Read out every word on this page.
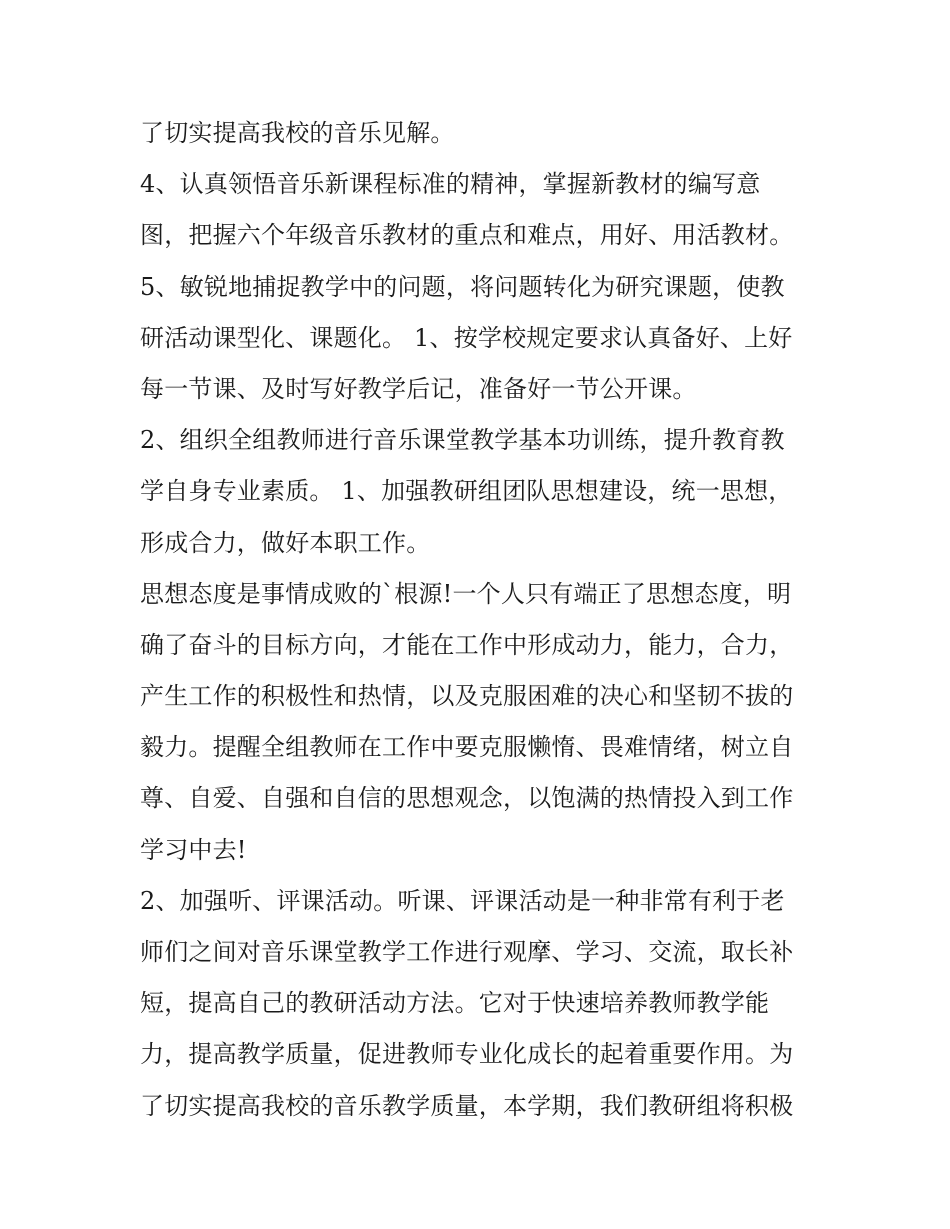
了切实提高我校的音乐见解。
4、认真领悟音乐新课程标准的精神，掌握新教材的编写意
图，把握六个年级音乐教材的重点和难点，用好、用活教材。
5、敏锐地捕捉教学中的问题，将问题转化为研究课题，使教
研活动课型化、课题化。 1、按学校规定要求认真备好、上好
每一节课、及时写好教学后记，准备好一节公开课。
2、组织全组教师进行音乐课堂教学基本功训练，提升教育教
学自身专业素质。 1、加强教研组团队思想建设，统一思想，
形成合力，做好本职工作。
思想态度是事情成败的`根源!一个人只有端正了思想态度，明
确了奋斗的目标方向，才能在工作中形成动力，能力，合力，
产生工作的积极性和热情，以及克服困难的决心和坚韧不拔的
毅力。提醒全组教师在工作中要克服懒惰、畏难情绪，树立自
尊、自爱、自强和自信的思想观念，以饱满的热情投入到工作
学习中去!
2、加强听、评课活动。听课、评课活动是一种非常有利于老
师们之间对音乐课堂教学工作进行观摩、学习、交流，取长补
短，提高自己的教研活动方法。它对于快速培养教师教学能
力，提高教学质量，促进教师专业化成长的起着重要作用。为
了切实提高我校的音乐教学质量，本学期，我们教研组将积极
